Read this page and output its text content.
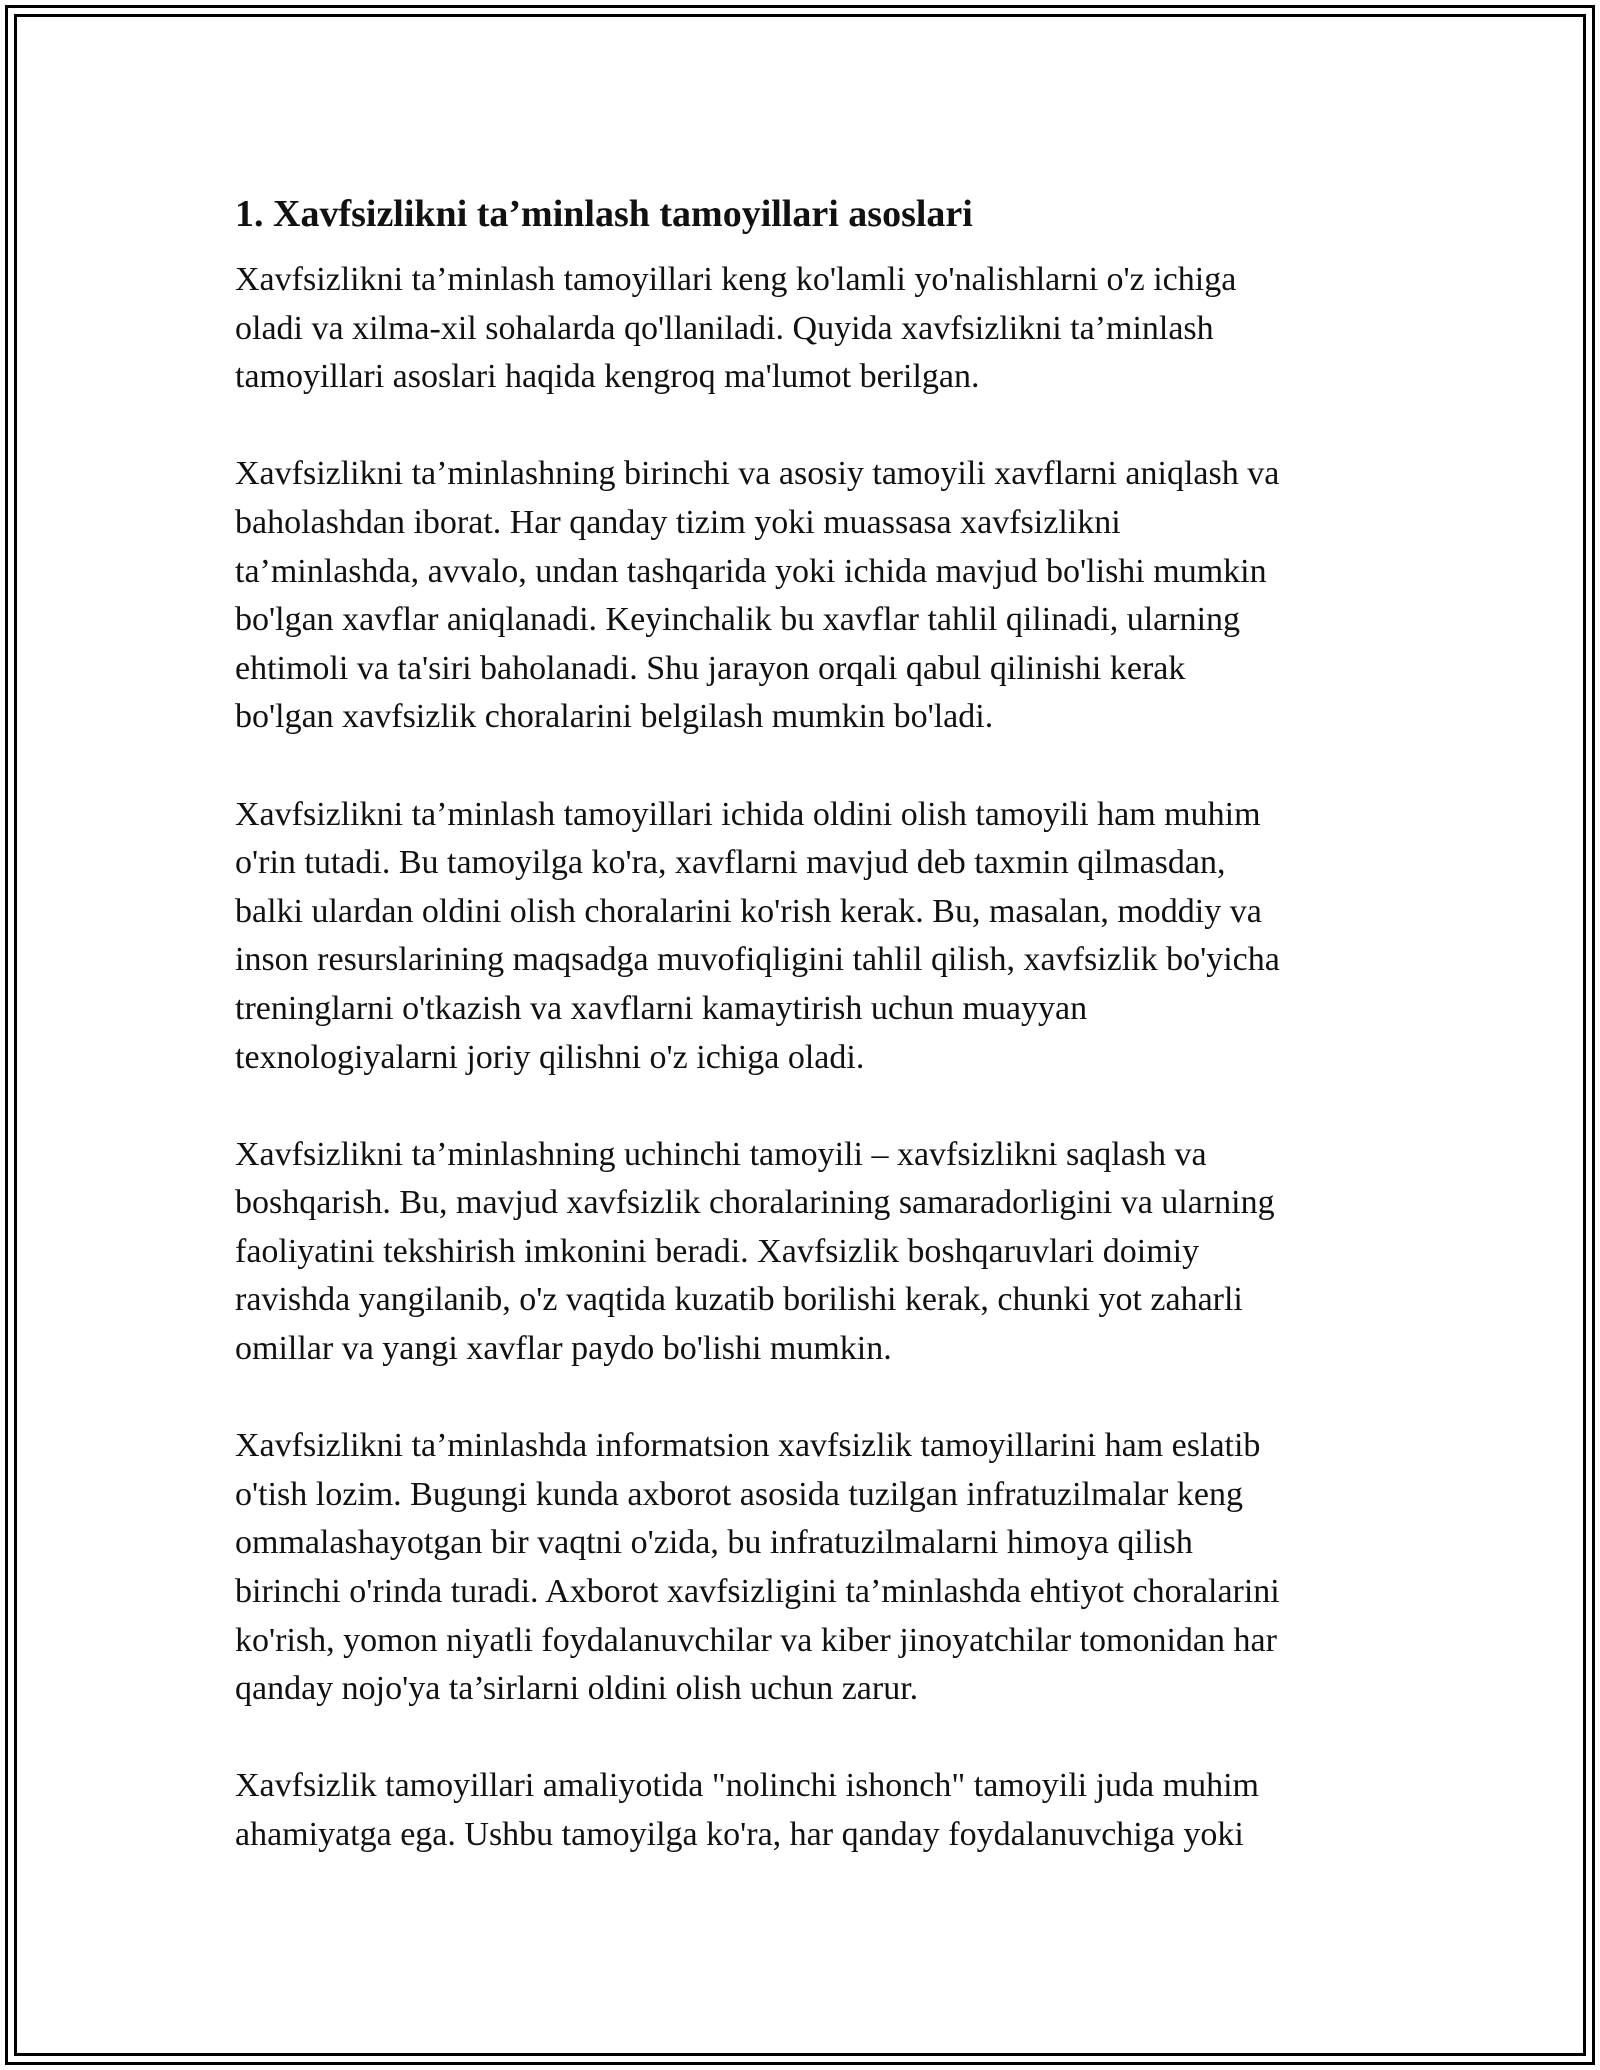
1. Xavfsizlikni ta’minlash tamoyillari asoslari

Xavfsizlikni ta’minlash tamoyillari keng ko'lamli yo'nalishlarni o'z ichiga
oladi va xilma-xil sohalarda qo'llaniladi. Quyida xavfsizlikni ta’minlash
tamoyillari asoslari haqida kengroq ma'lumot berilgan.

Xavfsizlikni ta’minlashning birinchi va asosiy tamoyili xavflarni aniqlash va
baholashdan iborat. Har qanday tizim yoki muassasa xavfsizlikni
ta’minlashda, avvalo, undan tashqarida yoki ichida mavjud bo'lishi mumkin
bo'lgan xavflar aniqlanadi. Keyinchalik bu xavflar tahlil qilinadi, ularning
ehtimoli va ta'siri baholanadi. Shu jarayon orqali qabul qilinishi kerak
bo'lgan xavfsizlik choralarini belgilash mumkin bo'ladi.

Xavfsizlikni ta’minlash tamoyillari ichida oldini olish tamoyili ham muhim
o'rin tutadi. Bu tamoyilga ko'ra, xavflarni mavjud deb taxmin qilmasdan,
balki ulardan oldini olish choralarini ko'rish kerak. Bu, masalan, moddiy va
inson resurslarining maqsadga muvofiqligini tahlil qilish, xavfsizlik bo'yicha
treninglarni o'tkazish va xavflarni kamaytirish uchun muayyan
texnologiyalarni joriy qilishni o'z ichiga oladi.

Xavfsizlikni ta’minlashning uchinchi tamoyili – xavfsizlikni saqlash va
boshqarish. Bu, mavjud xavfsizlik choralarining samaradorligini va ularning
faoliyatini tekshirish imkonini beradi. Xavfsizlik boshqaruvlari doimiy
ravishda yangilanib, o'z vaqtida kuzatib borilishi kerak, chunki yot zaharli
omillar va yangi xavflar paydo bo'lishi mumkin.

Xavfsizlikni ta’minlashda informatsion xavfsizlik tamoyillarini ham eslatib
o'tish lozim. Bugungi kunda axborot asosida tuzilgan infratuzilmalar keng
ommalashayotgan bir vaqtni o'zida, bu infratuzilmalarni himoya qilish
birinchi o'rinda turadi. Axborot xavfsizligini ta’minlashda ehtiyot choralarini
ko'rish, yomon niyatli foydalanuvchilar va kiber jinoyatchilar tomonidan har
qanday nojo'ya ta’sirlarni oldini olish uchun zarur.

Xavfsizlik tamoyillari amaliyotida "nolinchi ishonch" tamoyili juda muhim
ahamiyatga ega. Ushbu tamoyilga ko'ra, har qanday foydalanuvchiga yoki
